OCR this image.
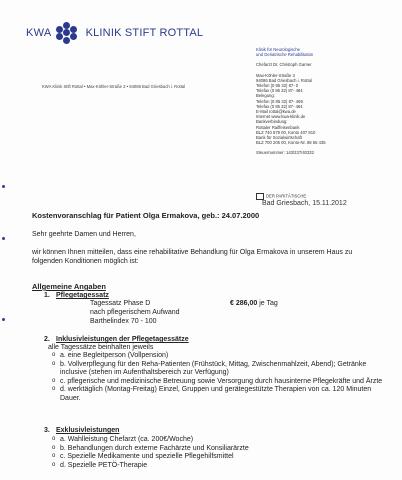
KWA	KLINIK STIFT ROTTAL
Klinik für Neurologische
und Geriatrische Rehabilitation
Chefarzt Dr. Christoph Garner
Max-Köhler-Straße 3
94086 Bad Griesbach i. Rottal
Telefon (0 85 32) 87- 0
Telefax (0 85 32) 87- 484
Belegung:
Telefon (0 85 32) 87- 469
Telefax (0 85 32) 87- 464
E-Mail rottal@kwa.de
Internet www.kwa-klinik.de
Bankverbindung:
Rottaler Raiffeisenbank
BLZ 740 679 00, Konto 407 810
Bank für Sozialwirtschaft
BLZ 700 205 00, Konto-Nr. 88 55 435
Steuernummer: 143/237/40332
KWA Klinik Stift Rottal • Max-Köhler-Straße 3 • 94086 Bad Griesbach i. Rottal
DER PARITÄTISCHE
Bad Griesbach, 15.11.2012
Kostenvoranschlag für Patient Olga Ermakova, geb.: 24.07.2000
Sehr geehrte Damen und Herren,
wir können Ihnen mitteilen, dass eine rehabilitative Behandlung für Olga Ermakova in unserem Haus zu folgenden Konditionen möglich ist:
Allgemeine Angaben
1. Pflegetagessatz
Tagessatz Phase D
nach pflegerischem Aufwand
Barthelindex 70 - 100
€ 286,00 je Tag
2. Inklusivleistungen der Pflegetagessätze
alle Tagessätze beinhalten jeweils
o a. eine Begleitperson (Vollpension)
o b. Vollverpflegung für den Reha-Patienten (Frühstück, Mittag, Zwischenmahlzeit, Abend); Getränke inclusive (stehen im Aufenthaltsbereich zur Verfügung)
o c. pflegerische und medizinische Betreuung sowie Versorgung durch hausinterne Pflegekräfte und Ärzte
o d. werktäglich (Montag-Freitag) Einzel, Gruppen und gerätegestützte Therapien von ca. 120 Minuten Dauer.
3. Exklusivleistungen
o a. Wahlleistung Chefarzt (ca. 200€/Woche)
o b. Behandlungen durch externe Fachärzte und Konsiliarärzte
o c. Spezielle Medikamente und spezielle Pflegehilfsmittel
o d. Spezielle PETÖ-Therapie
